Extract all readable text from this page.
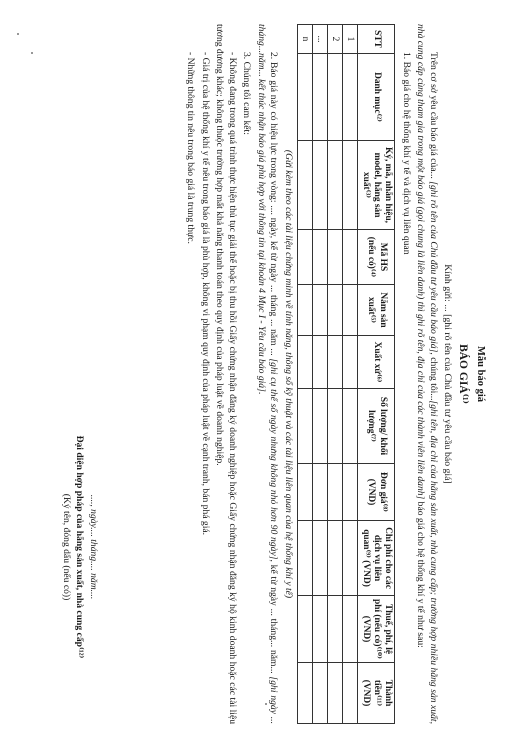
Mẫu báo giá
BÁO GIÁ⁽¹⁾
Kính gửi: ... [ghi rõ tên của Chủ đầu tư yêu cầu báo giá]

Trên cơ sở yêu cầu báo giá của... [ghi rõ tên của Chủ đầu tư yêu cầu báo giá], chúng tôi...[ghi tên, địa chỉ của hãng sản xuất, nhà cung cấp; trường hợp nhiều hãng sản xuất, nhà cung cấp cùng tham gia trong một báo giá (gọi chung là liên danh) thì ghi rõ tên, địa chỉ của các thành viên liên danh] báo giá cho hệ thống khí y tế như sau:

1. Báo giá cho hệ thống khí y tế và dịch vụ liên quan

STT	Danh mục⁽²⁾	Ký, mã, nhãn hiệu, model, hãng sản xuất⁽³⁾	Mã HS (nếu có)⁽⁴⁾	Năm sản xuất⁽⁵⁾	Xuất xứ⁽⁶⁾	Số lượng/ khối lượng⁽⁷⁾	Đơn giá⁽⁸⁾ (VND)	Chi phí cho các dịch vụ liên quan⁽⁹⁾ (VND)	Thuế, phí, lệ phí (nếu có)⁽¹⁰⁾ (VND)	Thành tiền⁽¹¹⁾ (VND)
1										
2										
...										
n										
(Gửi kèm theo các tài liệu chứng minh về tính năng, thông số kỹ thuật và các tài liệu liên quan của hệ thống khí y tế)

2. Báo giá này có hiệu lực trong vòng: .... ngày, kể từ ngày ... tháng ... năm ... [ghi cụ thể số ngày nhưng không nhỏ hơn 90 ngày], kể từ ngày ... tháng... năm... [ghi ngày ... tháng...năm... kết thúc nhận báo giá phù hợp với thông tin tại khoản 4 Mục I - Yêu cầu báo giá].

3. Chúng tôi cam kết:

- Không đang trong quá trình thực hiện thủ tục giải thể hoặc bị thu hồi Giấy chứng nhận đăng ký doanh nghiệp hoặc Giấy chứng nhận đăng ký hộ kinh doanh hoặc các tài liệu tương đương khác; không thuộc trường hợp mất khả năng thanh toán theo quy định của pháp luật về doanh nghiệp.

- Giá trị của hệ thống khí y tế nêu trong báo giá là phù hợp, không vi phạm quy định của pháp luật về cạnh tranh, bán phá giá.

- Những thông tin nêu trong báo giá là trung thực.

...., ngày.... tháng.... năm....
Đại diện hợp pháp của hãng sản xuất, nhà cung cấp⁽¹²⁾
(Ký tên, đóng dấu (nếu có))
